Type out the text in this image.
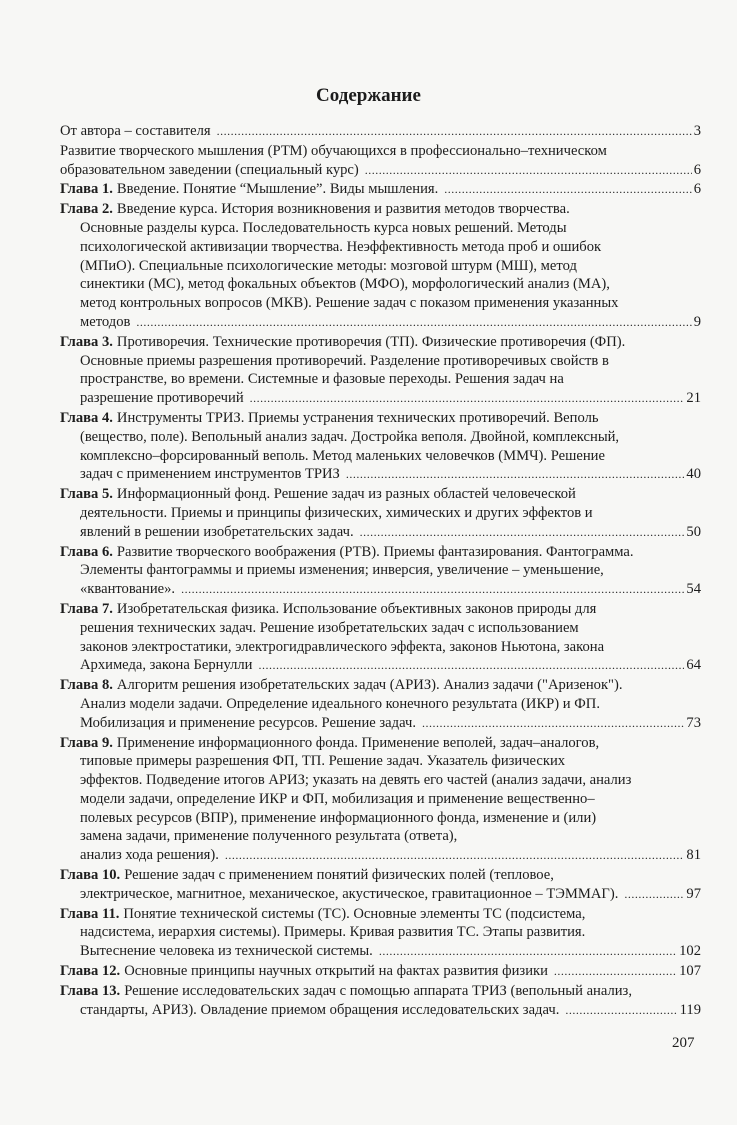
Содержание
От автора – составителя .....	3
Развитие творческого мышления (РТМ) обучающихся в профессионально–техническом
образовательном заведении (специальный курс) .....	6
Глава 1. Введение. Понятие “Мышление”. Виды мышления. .....	6
Глава 2. Введение курса. История возникновения и развития методов творчества.
Основные разделы курса. Последовательность курса новых решений. Методы
психологической активизации творчества. Неэффективность метода проб и ошибок
(МПиО). Специальные психологические методы: мозговой штурм (МШ), метод
синектики (МС), метод фокальных объектов (МФО), морфологический анализ (МА),
метод контрольных вопросов (МКВ). Решение задач с показом применения указанных
методов .....	9
Глава 3. Противоречия. Технические противоречия (ТП). Физические противоречия (ФП).
Основные приемы разрешения противоречий. Разделение противоречивых свойств в
пространстве, во времени. Системные и фазовые переходы. Решения задач на
разрешение противоречий .....	21
Глава 4. Инструменты ТРИЗ. Приемы устранения технических противоречий. Веполь
(вещество, поле). Вепольный анализ задач. Достройка веполя. Двойной, комплексный,
комплексно–форсированный веполь. Метод маленьких человечков (ММЧ). Решение
задач с применением инструментов ТРИЗ .....	40
Глава 5. Информационный фонд. Решение задач из разных областей человеческой
деятельности. Приемы и принципы физических, химических и других эффектов и
явлений в решении изобретательских задач. .....	50
Глава 6. Развитие творческого воображения (РТВ). Приемы фантазирования. Фантограмма.
Элементы фантограммы и приемы изменения; инверсия, увеличение – уменьшение,
«квантование». .....	54
Глава 7. Изобретательская физика. Использование объективных законов природы для
решения технических задач. Решение изобретательских задач с использованием
законов электростатики, электрогидравлического эффекта, законов Ньютона, закона
Архимеда, закона Бернулли .....	64
Глава 8. Алгоритм решения изобретательских задач (АРИЗ). Анализ задачи ("Аризенок").
Анализ модели задачи. Определение идеального конечного результата (ИКР) и ФП.
Мобилизация и применение ресурсов. Решение задач. .....	73
Глава 9. Применение информационного фонда. Применение веполей, задач–аналогов,
типовые примеры разрешения ФП, ТП. Решение задач. Указатель физических
эффектов. Подведение итогов АРИЗ; указать на девять его частей (анализ задачи, анализ
модели задачи, определение ИКР и ФП, мобилизация и применение вещественно–
полевых ресурсов (ВПР), применение информационного фонда, изменение и (или)
замена задачи, применение полученного результата (ответа),
анализ хода решения). .....	81
Глава 10. Решение задач с применением понятий физических полей (тепловое,
электрическое, магнитное, механическое, акустическое, гравитационное – ТЭММАГ). .....	97
Глава 11. Понятие технической системы (ТС). Основные элементы ТС (подсистема,
надсистема, иерархия системы). Примеры. Кривая развития ТС. Этапы развития.
Вытеснение человека из технической системы. .....	102
Глава 12. Основные принципы научных открытий на фактах развития физики .....	107
Глава 13. Решение исследовательских задач с помощью аппарата ТРИЗ (вепольный анализ,
стандарты, АРИЗ). Овладение приемом обращения исследовательских задач. .....	119
207
